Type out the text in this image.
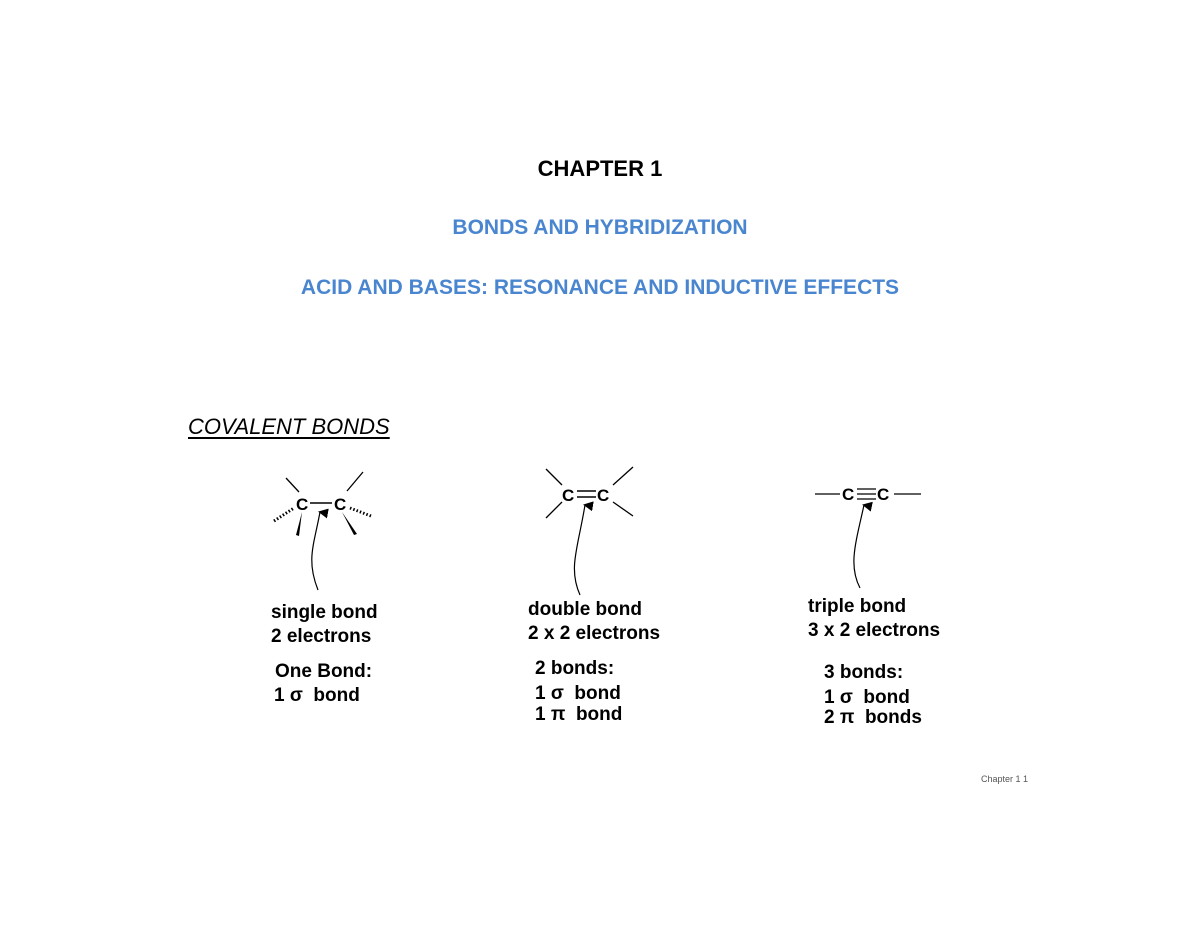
CHAPTER 1
BONDS AND HYBRIDIZATION
ACID AND BASES: RESONANCE AND INDUCTIVE EFFECTS
COVALENT BONDS
C C	C C	C C
single bond
2 electrons
One Bond:
1 σ  bond
double bond
2 x 2 electrons
2 bonds:
1 σ  bond
1 π  bond
triple bond
3 x 2 electrons
3 bonds:
1 σ  bond
2 π  bonds
Chapter 1 1
